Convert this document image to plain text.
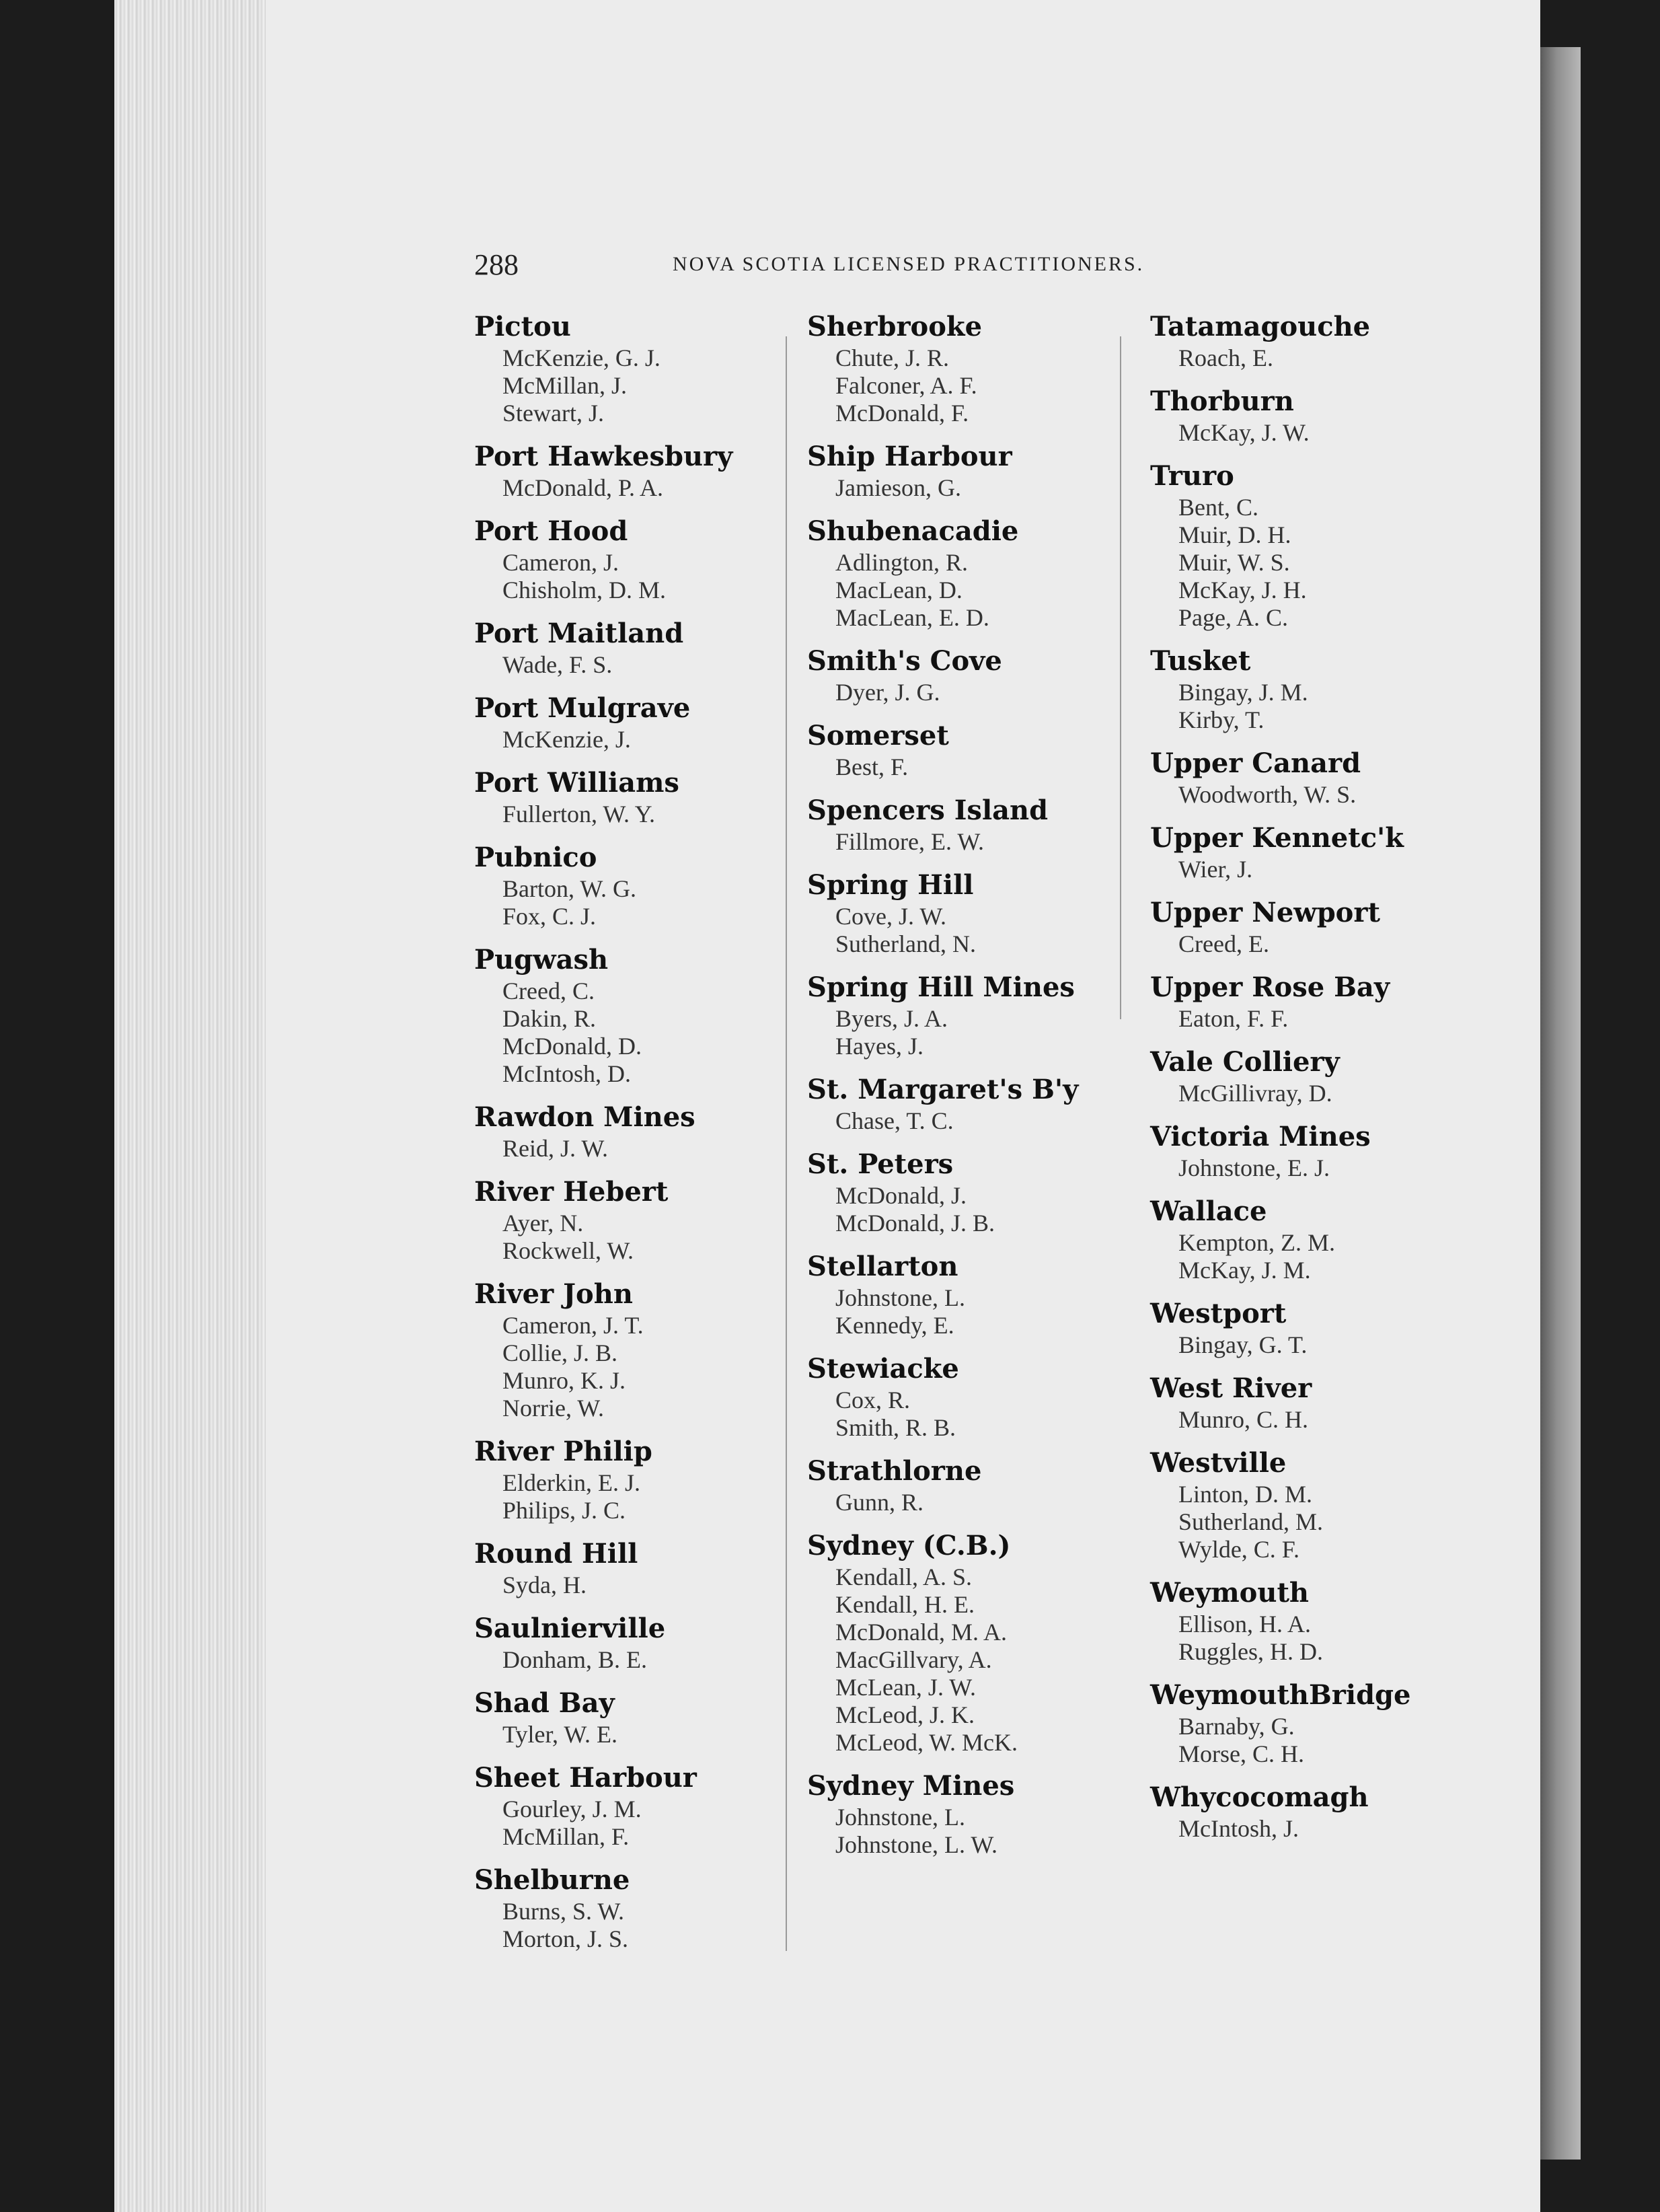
288	NOVA SCOTIA LICENSED PRACTITIONERS.
Pictou
McKenzie, G. J.
McMillan, J.
Stewart, J.
Port Hawkesbury
McDonald, P. A.
Port Hood
Cameron, J.
Chisholm, D. M.
Port Maitland
Wade, F. S.
Port Mulgrave
McKenzie, J.
Port Williams
Fullerton, W. Y.
Pubnico
Barton, W. G.
Fox, C. J.
Pugwash
Creed, C.
Dakin, R.
McDonald, D.
McIntosh, D.
Rawdon Mines
Reid, J. W.
River Hebert
Ayer, N.
Rockwell, W.
River John
Cameron, J. T.
Collie, J. B.
Munro, K. J.
Norrie, W.
River Philip
Elderkin, E. J.
Philips, J. C.
Round Hill
Syda, H.
Saulnierville
Donham, B. E.
Shad Bay
Tyler, W. E.
Sheet Harbour
Gourley, J. M.
McMillan, F.
Shelburne
Burns, S. W.
Morton, J. S.
Sherbrooke
Chute, J. R.
Falconer, A. F.
McDonald, F.
Ship Harbour
Jamieson, G.
Shubenacadie
Adlington, R.
MacLean, D.
MacLean, E. D.
Smith's Cove
Dyer, J. G.
Somerset
Best, F.
Spencers Island
Fillmore, E. W.
Spring Hill
Cove, J. W.
Sutherland, N.
Spring Hill Mines
Byers, J. A.
Hayes, J.
St. Margaret's B'y
Chase, T. C.
St. Peters
McDonald, J.
McDonald, J. B.
Stellarton
Johnstone, L.
Kennedy, E.
Stewiacke
Cox, R.
Smith, R. B.
Strathlorne
Gunn, R.
Sydney (C.B.)
Kendall, A. S.
Kendall, H. E.
McDonald, M. A.
MacGillvary, A.
McLean, J. W.
McLeod, J. K.
McLeod, W. McK.
Sydney Mines
Johnstone, L.
Johnstone, L. W.
Tatamagouche
Roach, E.
Thorburn
McKay, J. W.
Truro
Bent, C.
Muir, D. H.
Muir, W. S.
McKay, J. H.
Page, A. C.
Tusket
Bingay, J. M.
Kirby, T.
Upper Canard
Woodworth, W. S.
Upper Kennetc'k
Wier, J.
Upper Newport
Creed, E.
Upper Rose Bay
Eaton, F. F.
Vale Colliery
McGillivray, D.
Victoria Mines
Johnstone, E. J.
Wallace
Kempton, Z. M.
McKay, J. M.
Westport
Bingay, G. T.
West River
Munro, C. H.
Westville
Linton, D. M.
Sutherland, M.
Wylde, C. F.
Weymouth
Ellison, H. A.
Ruggles, H. D.
WeymouthBridge
Barnaby, G.
Morse, C. H.
Whycocomagh
McIntosh, J.
